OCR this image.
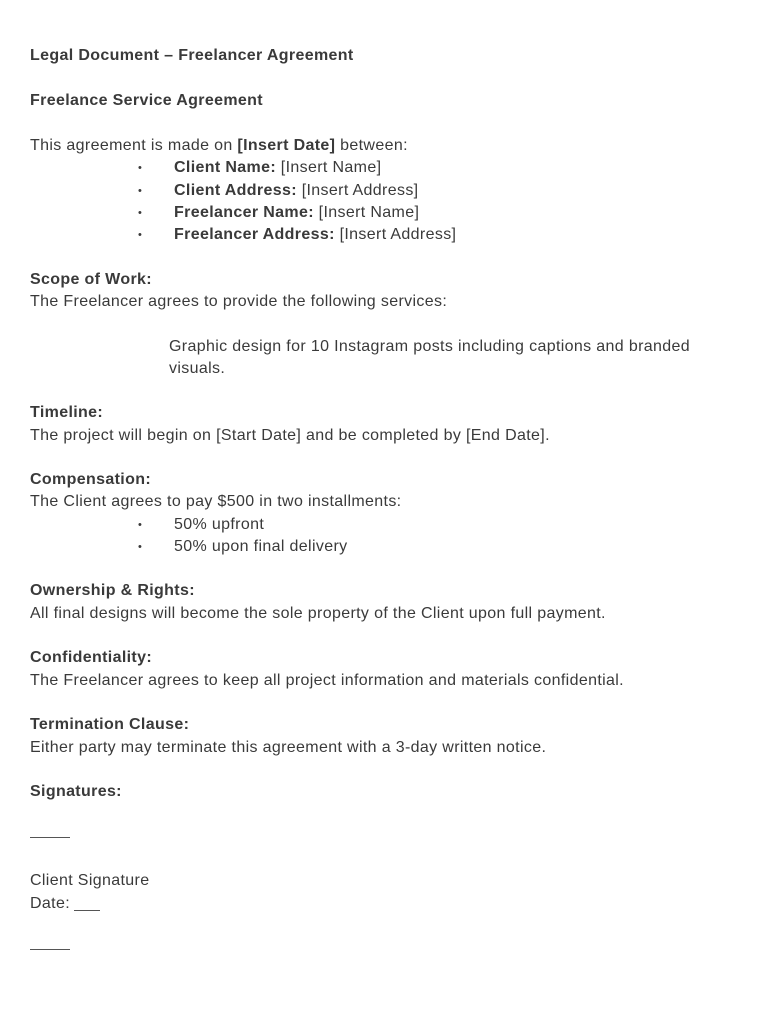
Legal Document – Freelancer Agreement
Freelance Service Agreement
This agreement is made on [Insert Date] between:
• Client Name: [Insert Name]
• Client Address: [Insert Address]
• Freelancer Name: [Insert Name]
• Freelancer Address: [Insert Address]
Scope of Work:
The Freelancer agrees to provide the following services:
Graphic design for 10 Instagram posts including captions and branded visuals.
Timeline:
The project will begin on [Start Date] and be completed by [End Date].
Compensation:
The Client agrees to pay $500 in two installments:
• 50% upfront
• 50% upon final delivery
Ownership & Rights:
All final designs will become the sole property of the Client upon full payment.
Confidentiality:
The Freelancer agrees to keep all project information and materials confidential.
Termination Clause:
Either party may terminate this agreement with a 3-day written notice.
Signatures:
Client Signature
Date:
